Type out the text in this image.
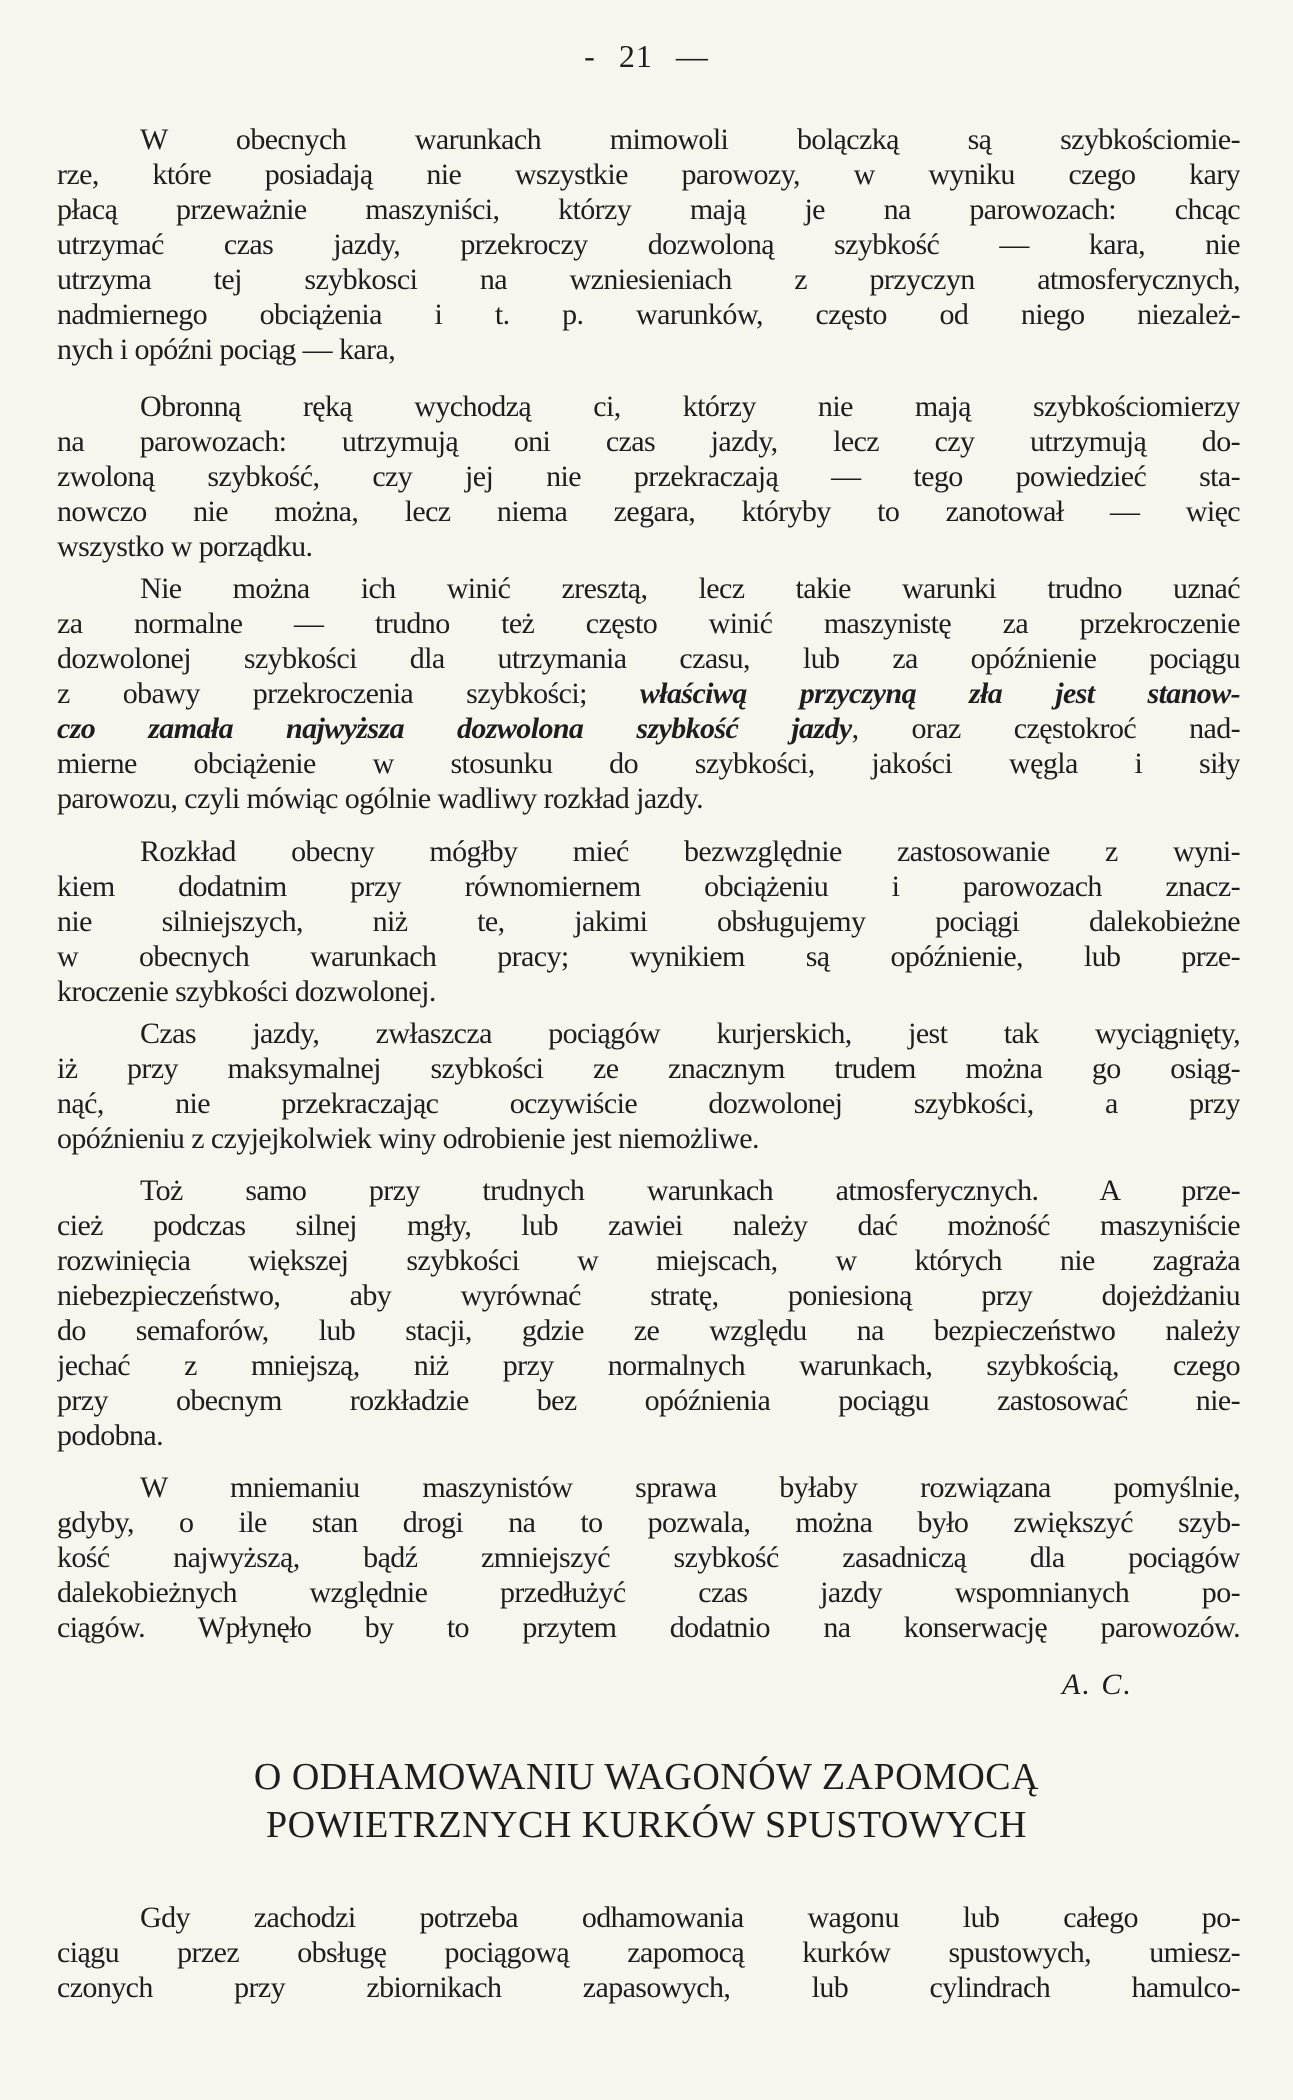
- 21 —
W obecnych warunkach mimowoli bolączką są szybkościomie-
rze, które posiadają nie wszystkie parowozy, w wyniku czego kary
płacą przeważnie maszyniści, którzy mają je na parowozach: chcąc
utrzymać czas jazdy, przekroczy dozwoloną szybkość — kara, nie
utrzyma tej szybkosci na wzniesieniach z przyczyn atmosferycznych,
nadmiernego obciążenia i t. p. warunków, często od niego niezależ-
nych i opóźni pociąg — kara,
Obronną ręką wychodzą ci, którzy nie mają szybkościomierzy
na parowozach: utrzymują oni czas jazdy, lecz czy utrzymują do-
zwoloną szybkość, czy jej nie przekraczają — tego powiedzieć sta-
nowczo nie można, lecz niema zegara, któryby to zanotował — więc
wszystko w porządku.
Nie można ich winić zresztą, lecz takie warunki trudno uznać
za normalne — trudno też często winić maszynistę za przekroczenie
dozwolonej szybkości dla utrzymania czasu, lub za opóźnienie pociągu
z obawy przekroczenia szybkości; właściwą przyczyną zła jest stanow-
czo zamała najwyższa dozwolona szybkość jazdy, oraz częstokroć nad-
mierne obciążenie w stosunku do szybkości, jakości węgla i siły
parowozu, czyli mówiąc ogólnie wadliwy rozkład jazdy.
Rozkład obecny mógłby mieć bezwzględnie zastosowanie z wyni-
kiem dodatnim przy równomiernem obciążeniu i parowozach znacz-
nie silniejszych, niż te, jakimi obsługujemy pociągi dalekobieżne
w obecnych warunkach pracy; wynikiem są opóźnienie, lub prze-
kroczenie szybkości dozwolonej.
Czas jazdy, zwłaszcza pociągów kurjerskich, jest tak wyciągnięty,
iż przy maksymalnej szybkości ze znacznym trudem można go osiąg-
nąć, nie przekraczając oczywiście dozwolonej szybkości, a przy
opóźnieniu z czyjejkolwiek winy odrobienie jest niemożliwe.
Toż samo przy trudnych warunkach atmosferycznych. A prze-
cież podczas silnej mgły, lub zawiei należy dać możność maszyniście
rozwinięcia większej szybkości w miejscach, w których nie zagraża
niebezpieczeństwo, aby wyrównać stratę, poniesioną przy dojeżdżaniu
do semaforów, lub stacji, gdzie ze względu na bezpieczeństwo należy
jechać z mniejszą, niż przy normalnych warunkach, szybkością, czego
przy obecnym rozkładzie bez opóźnienia pociągu zastosować nie-
podobna.
W mniemaniu maszynistów sprawa byłaby rozwiązana pomyślnie,
gdyby, o ile stan drogi na to pozwala, można było zwiększyć szyb-
kość najwyższą, bądź zmniejszyć szybkość zasadniczą dla pociągów
dalekobieżnych względnie przedłużyć czas jazdy wspomnianych po-
ciągów. Wpłynęło by to przytem dodatnio na konserwację parowozów.
A. C.
O ODHAMOWANIU WAGONÓW ZAPOMOCĄ
POWIETRZNYCH KURKÓW SPUSTOWYCH
Gdy zachodzi potrzeba odhamowania wagonu lub całego po-
ciągu przez obsługę pociągową zapomocą kurków spustowych, umiesz-
czonych przy zbiornikach zapasowych, lub cylindrach hamulco-
